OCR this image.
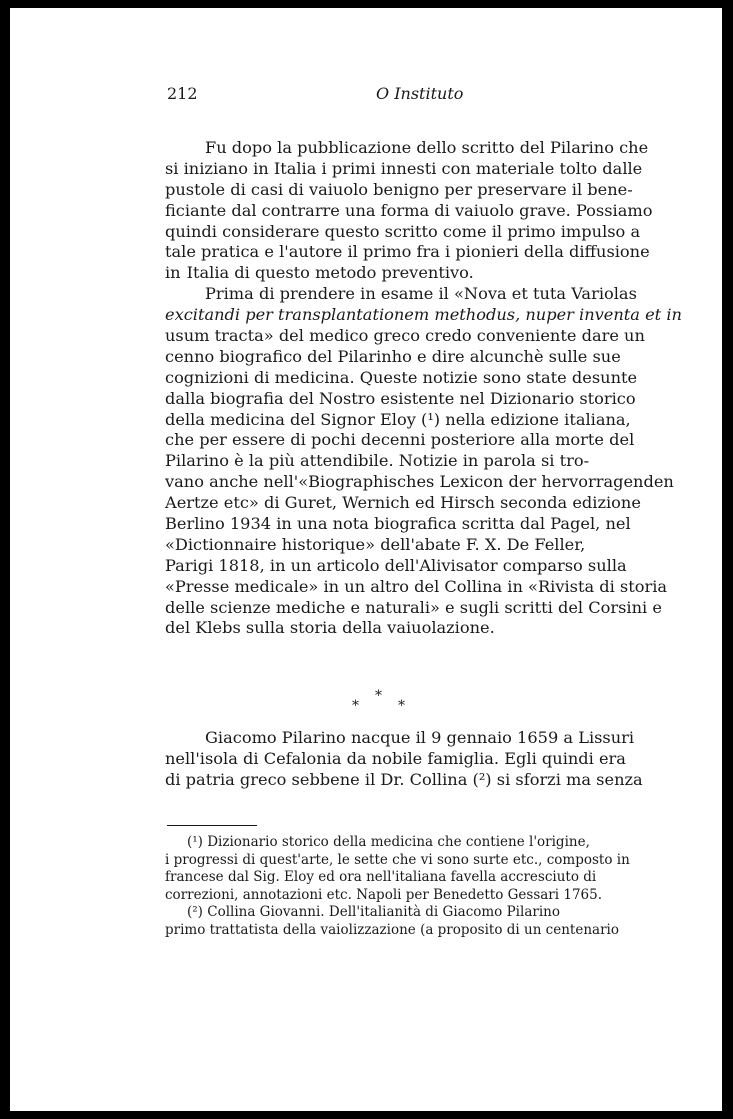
212	O Instituto
Fu dopo la pubblicazione dello scritto del Pilarino che
si iniziano in Italia i primi innesti con materiale tolto dalle
pustole di casi di vaiuolo benigno per preservare il bene-
ficiante dal contrarre una forma di vaiuolo grave. Possiamo
quindi considerare questo scritto come il primo impulso a
tale pratica e l'autore il primo fra i pionieri della diffusione
in Italia di questo metodo preventivo.
Prima di prendere in esame il «Nova et tuta Variolas
excitandi per transplantationem methodus, nuper inventa et in
usum tracta» del medico greco credo conveniente dare un
cenno biografico del Pilarinho e dire alcunchè sulle sue
cognizioni di medicina. Queste notizie sono state desunte
dalla biografia del Nostro esistente nel Dizionario storico
della medicina del Signor Eloy (¹) nella edizione italiana,
che per essere di pochi decenni posteriore alla morte del
Pilarino è la più attendibile. Notizie in parola si tro-
vano anche nell'«Biographisches Lexicon der hervorragenden
Aertze etc» di Guret, Wernich ed Hirsch seconda edizione
Berlino 1934 in una nota biografica scritta dal Pagel, nel
«Dictionnaire historique» dell'abate F. X. De Feller,
Parigi 1818, in un articolo dell'Alivisator comparso sulla
«Presse medicale» in un altro del Collina in «Rivista di storia
delle scienze mediche e naturali» e sugli scritti del Corsini e
del Klebs sulla storia della vaiuolazione.
*
*	*
Giacomo Pilarino nacque il 9 gennaio 1659 a Lissuri
nell'isola di Cefalonia da nobile famiglia. Egli quindi era
di patria greco sebbene il Dr. Collina (²) si sforzi ma senza
(¹) Dizionario storico della medicina che contiene l'origine,
i progressi di quest'arte, le sette che vi sono surte etc., composto in
francese dal Sig. Eloy ed ora nell'italiana favella accresciuto di
correzioni, annotazioni etc. Napoli per Benedetto Gessari 1765.
(²) Collina Giovanni. Dell'italianità di Giacomo Pilarino
primo trattatista della vaiolizzazione (a proposito di un centenario
